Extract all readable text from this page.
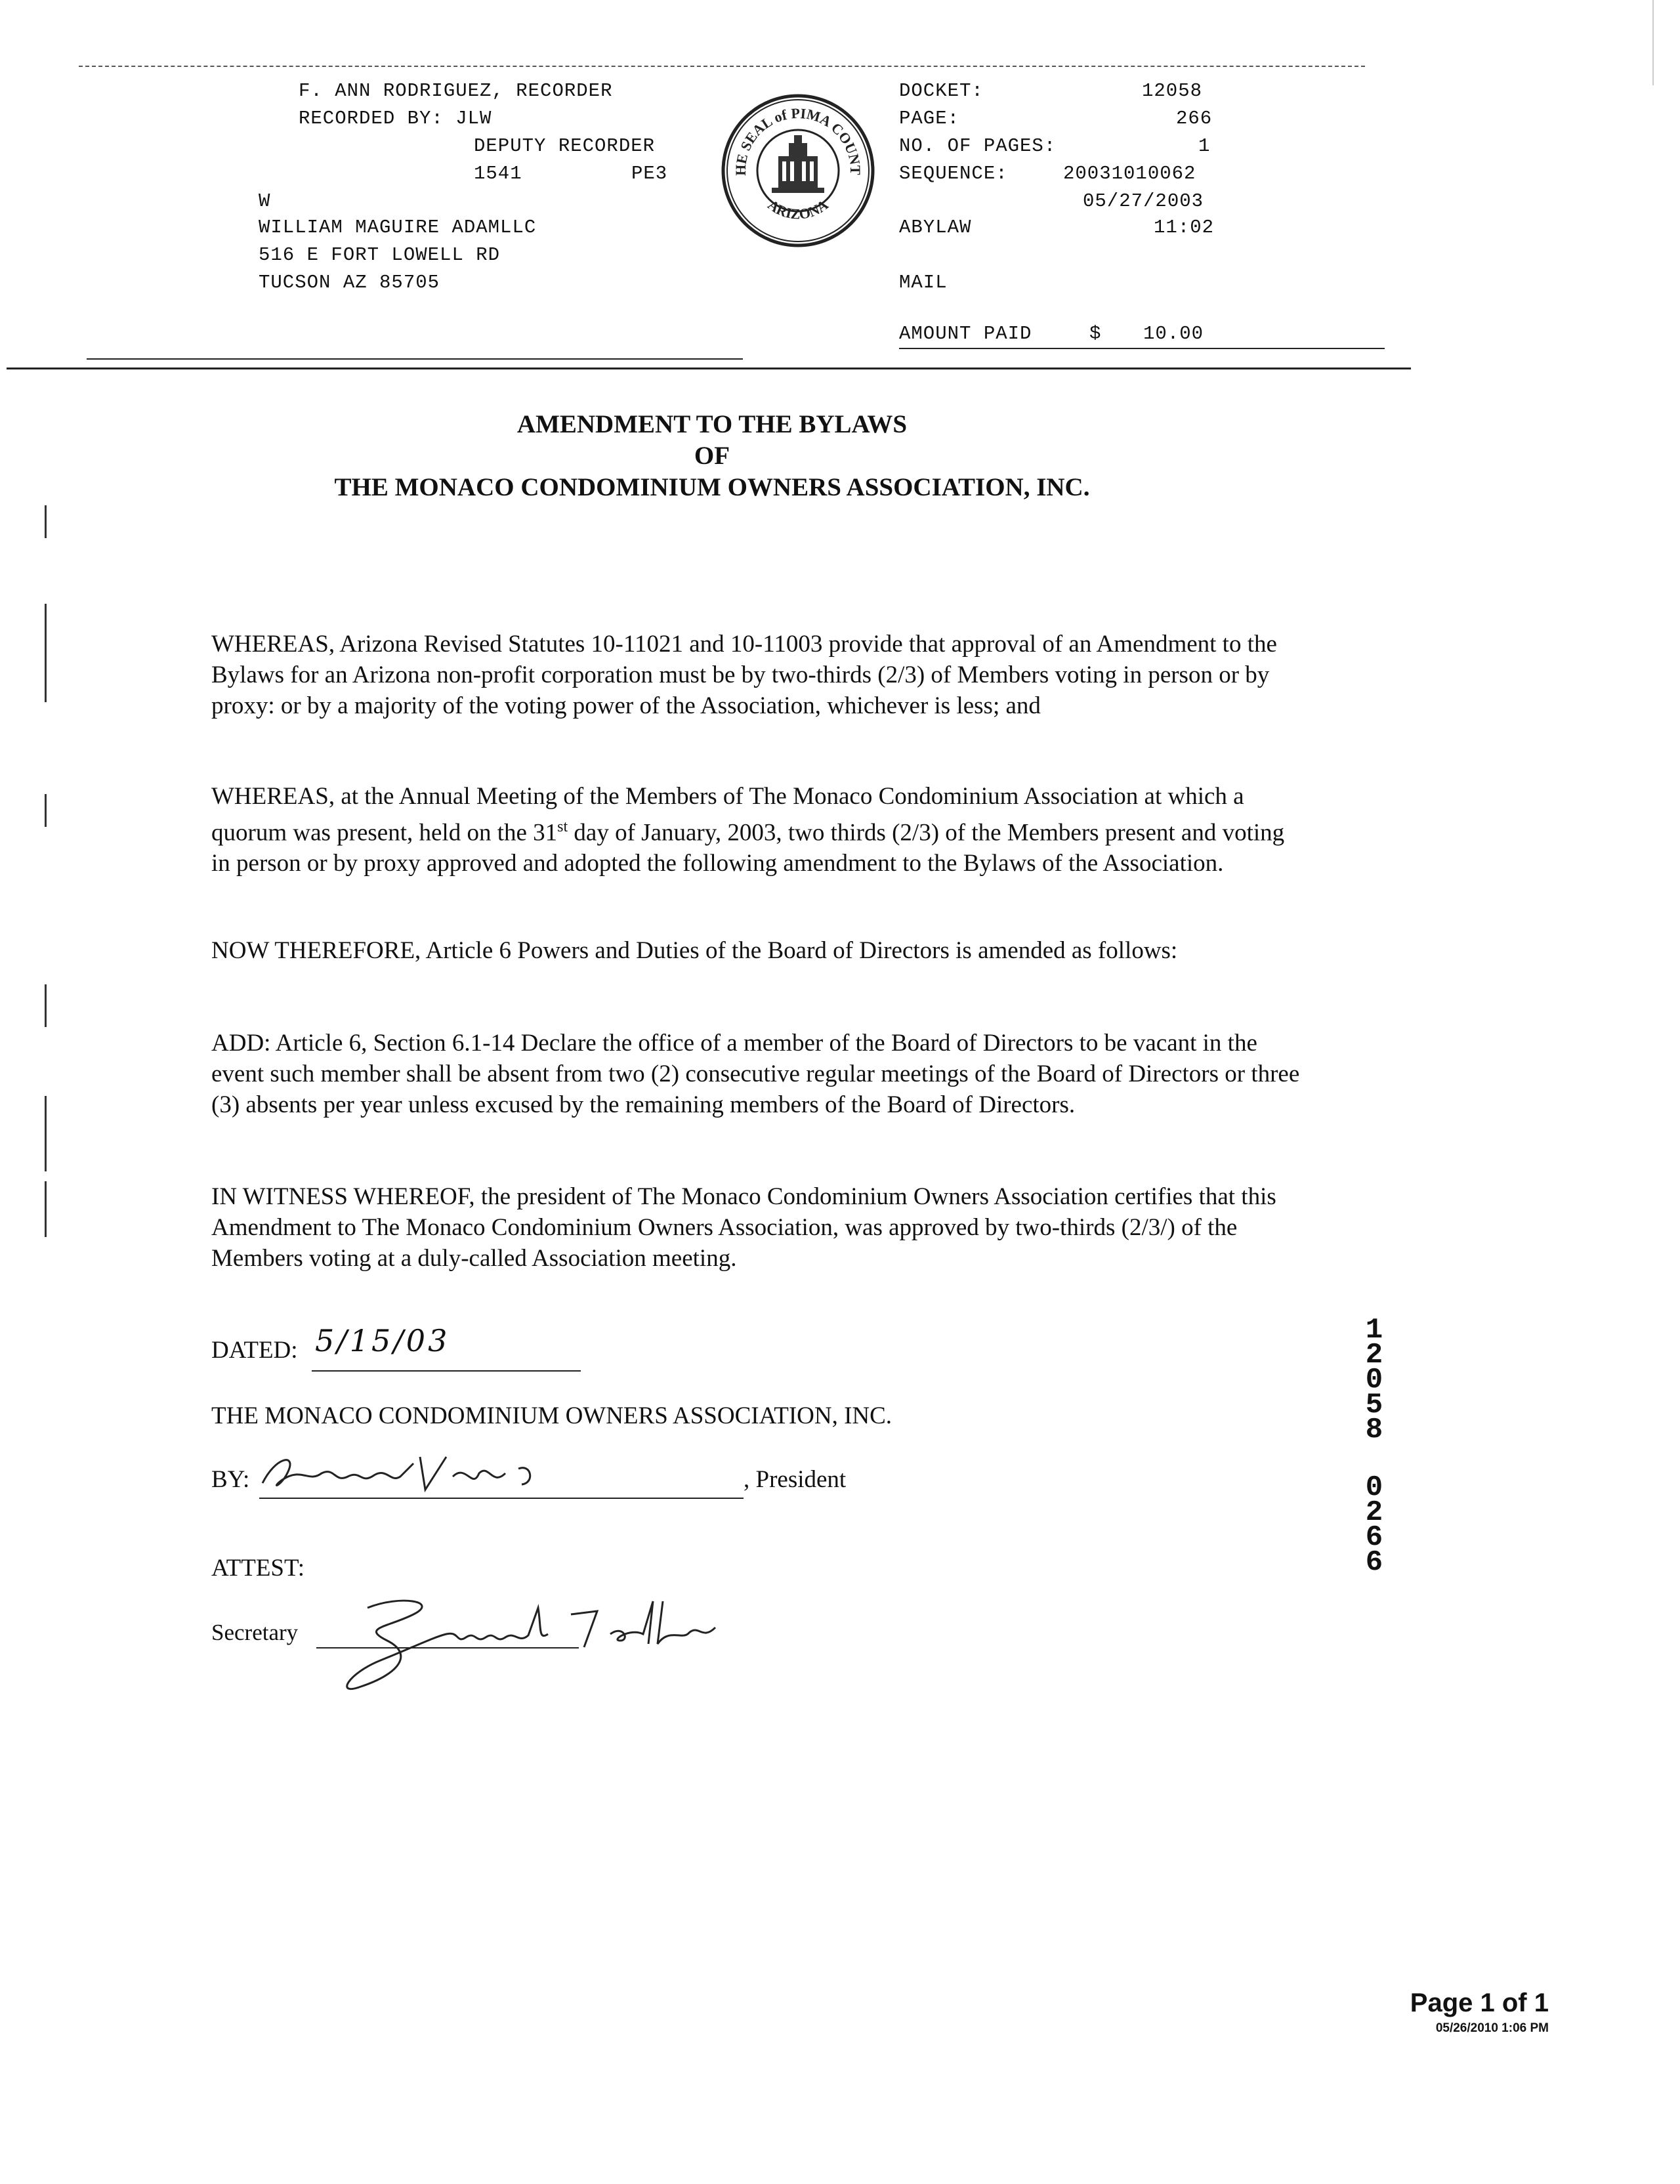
F. ANN RODRIGUEZ, RECORDER
RECORDED BY: JLW
DEPUTY RECORDER
1541	PE3
W
WILLIAM MAGUIRE ADAMLLC
516 E FORT LOWELL RD
TUCSON AZ 85705
HE SEAL of PIMA COUNT
ARIZONA
DOCKET:	12058
PAGE:	266
NO. OF PAGES:	1
SEQUENCE:	20031010062
05/27/2003
ABYLAW	11:02
MAIL
AMOUNT PAID	$ 10.00
AMENDMENT TO THE BYLAWS
OF
THE MONACO CONDOMINIUM OWNERS ASSOCIATION, INC.
WHEREAS, Arizona Revised Statutes 10-11021 and 10-11003 provide that approval of an Amendment to the Bylaws for an Arizona non-profit corporation must be by two-thirds (2/3) of Members voting in person or by proxy: or by a majority of the voting power of the Association, whichever is less; and
WHEREAS, at the Annual Meeting of the Members of The Monaco Condominium Association at which a quorum was present, held on the 31st day of January, 2003, two thirds (2/3) of the Members present and voting in person or by proxy approved and adopted the following amendment to the Bylaws of the Association.
NOW THEREFORE, Article 6 Powers and Duties of the Board of Directors is amended as follows:
ADD: Article 6, Section 6.1-14 Declare the office of a member of the Board of Directors to be vacant in the event such member shall be absent from two (2) consecutive regular meetings of the Board of Directors or three (3) absents per year unless excused by the remaining members of the Board of Directors.
IN WITNESS WHEREOF, the president of The Monaco Condominium Owners Association certifies that this Amendment to The Monaco Condominium Owners Association, was approved by two-thirds (2/3/) of the Members voting at a duly-called Association meeting.
DATED: 5/15/03
THE MONACO CONDOMINIUM OWNERS ASSOCIATION, INC.
BY:	, President
ATTEST:
Secretary
1
2
0
5
8
0
2
6
6
Page 1 of 1
05/26/2010 1:06 PM
